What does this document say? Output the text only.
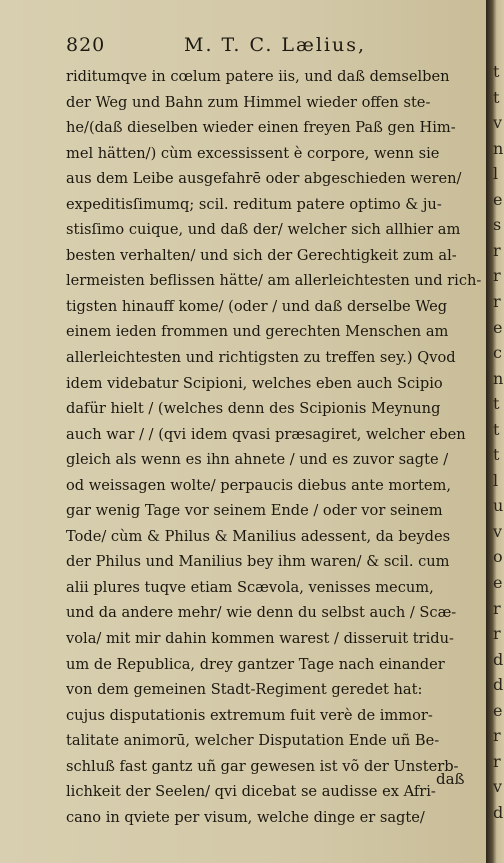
820	M. T. C. Lælius,
riditumqve in cœlum patere iis, und daß demselben
der Weg und Bahn zum Himmel wieder offen ste-
he/(daß dieselben wieder einen freyen Paß gen Him-
mel hätten/) cùm excessissent è corpore, wenn sie
aus dem Leibe ausgefahrē oder abgeschieden weren/
expeditisſimumq; scil. reditum patere optimo & ju-
stisſimo cuique, und daß der/ welcher sich allhier am
besten verhalten/ und sich der Gerechtigkeit zum al-
lermeisten beflissen hätte/ am allerleichtesten und rich-
tigsten hinauff kome/ (oder / und daß derselbe Weg
einem ieden frommen und gerechten Menschen am
allerleichtesten und richtigsten zu treffen sey.) Qvod
idem videbatur Scipioni, welches eben auch Scipio
dafür hielt / (welches denn des Scipionis Meynung
auch war / / (qvi idem qvasi præsagiret, welcher eben
gleich als wenn es ihn ahnete / und es zuvor sagte /
od weissagen wolte/ perpaucis diebus ante mortem,
gar wenig Tage vor seinem Ende / oder vor seinem
Tode/ cùm & Philus & Manilius adessent, da beydes
der Philus und Manilius bey ihm waren/ & scil. cum
alii plures tuqve etiam Scævola, venisses mecum,
und da andere mehr/ wie denn du selbst auch / Scæ-
vola/ mit mir dahin kommen warest / disseruit tridu-
um de Republica, drey gantzer Tage nach einander
von dem gemeinen Stadt-Regiment geredet hat:
cujus disputationis extremum fuit verè de immor-
talitate animorū, welcher Disputation Ende uñ Be-
schluß fast gantz uñ gar gewesen ist võ der Unsterb-
lichkeit der Seelen/ qvi dicebat se audisse ex Afri-
cano in qviete per visum, welche dinge er sagte/
daß
t
t
v
n
l
e
s
r
r
r
e
c
n
t
t
t
l
u
v
o
e
r
r
d
d
e
r
r
v
d
